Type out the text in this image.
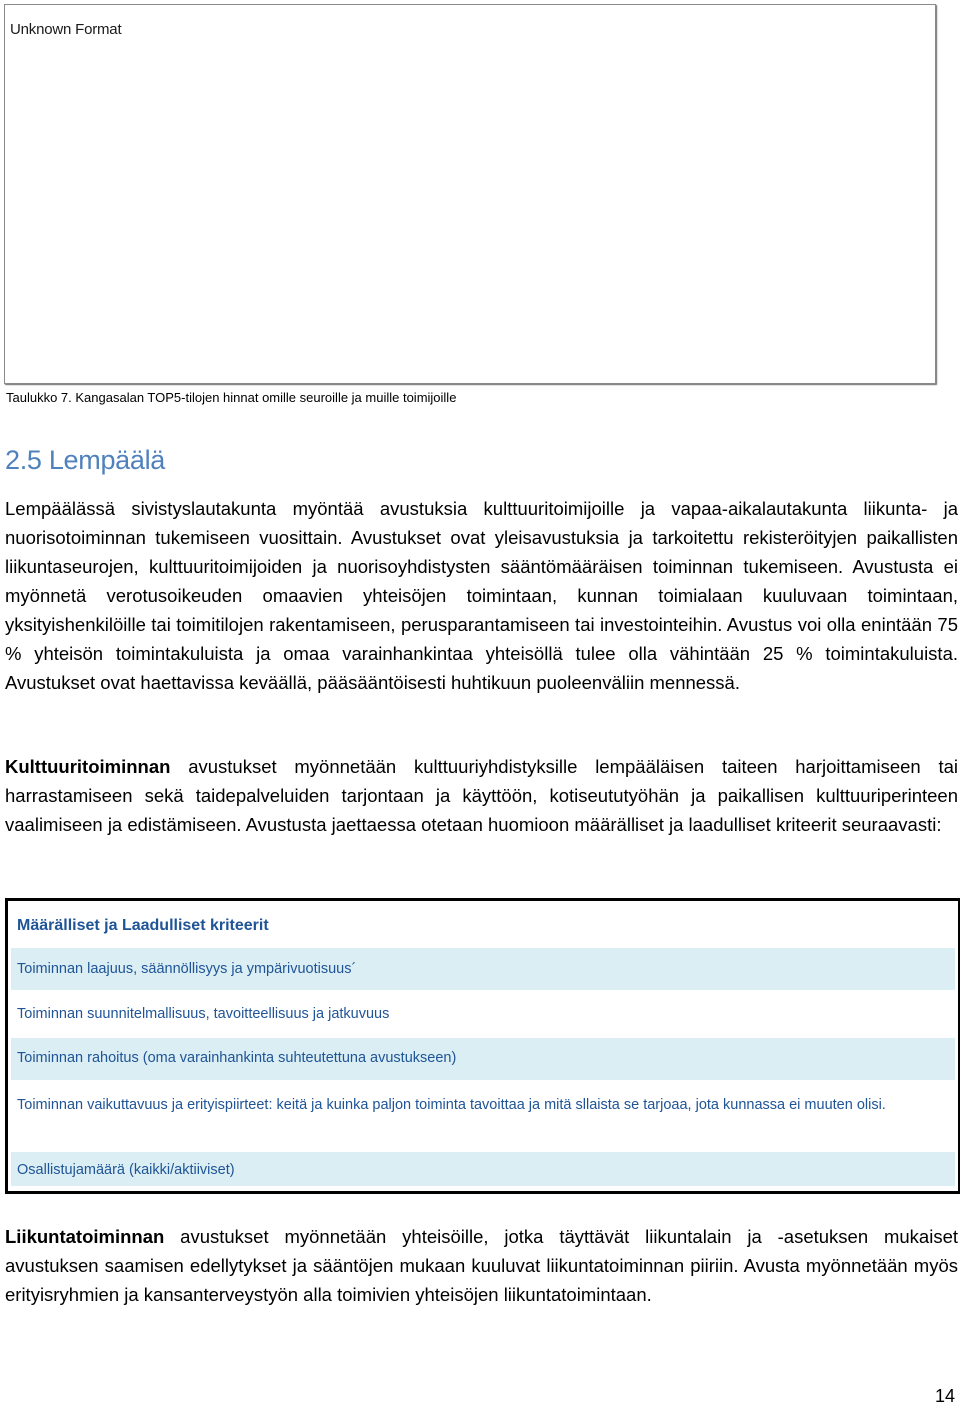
Unknown Format
Taulukko 7. Kangasalan TOP5-tilojen hinnat omille seuroille ja muille toimijoille
2.5 Lempäälä

Lempäälässä sivistyslautakunta myöntää avustuksia kulttuuritoimijoille ja vapaa-aikalautakunta liikunta- ja nuorisotoiminnan tukemiseen vuosittain. Avustukset ovat yleisavustuksia ja tarkoitettu rekisteröityjen paikallisten liikuntaseurojen, kulttuuritoimijoiden ja nuorisoyhdistysten sääntömääräisen toiminnan tukemiseen. Avustusta ei myönnetä verotusoikeuden omaavien yhteisöjen toimintaan, kunnan toimialaan kuuluvaan toimintaan, yksityishenkilöille tai toimitilojen rakentamiseen, perusparantamiseen tai investointeihin. Avustus voi olla enintään 75 % yhteisön toimintakuluista ja omaa varainhankintaa yhteisöllä tulee olla vähintään 25 % toimintakuluista. Avustukset ovat haettavissa keväällä, pääsääntöisesti huhtikuun puoleenväliin mennessä.

Kulttuuritoiminnan avustukset myönnetään kulttuuriyhdistyksille lempääläisen taiteen harjoittamiseen tai harrastamiseen sekä taidepalveluiden tarjontaan ja käyttöön, kotiseututyöhän ja paikallisen kulttuuriperinteen vaalimiseen ja edistämiseen. Avustusta jaettaessa otetaan huomioon määrälliset ja laadulliset kriteerit seuraavasti:

Määrälliset ja Laadulliset kriteerit
Toiminnan laajuus, säännöllisyys ja ympärivuotisuus´
Toiminnan suunnitelmallisuus, tavoitteellisuus ja jatkuvuus
Toiminnan rahoitus (oma varainhankinta suhteutettuna avustukseen)
Toiminnan vaikuttavuus ja erityispiirteet: keitä ja kuinka paljon toiminta tavoittaa ja mitä sllaista se tarjoaa, jota kunnassa ei muuten olisi.
Osallistujamäärä (kaikki/aktiiviset)

Liikuntatoiminnan avustukset myönnetään yhteisöille, jotka täyttävät liikuntalain ja -asetuksen mukaiset avustuksen saamisen edellytykset ja sääntöjen mukaan kuuluvat liikuntatoiminnan piiriin. Avusta myönnetään myös erityisryhmien ja kansanterveystyön alla toimivien yhteisöjen liikuntatoimintaan.

14
